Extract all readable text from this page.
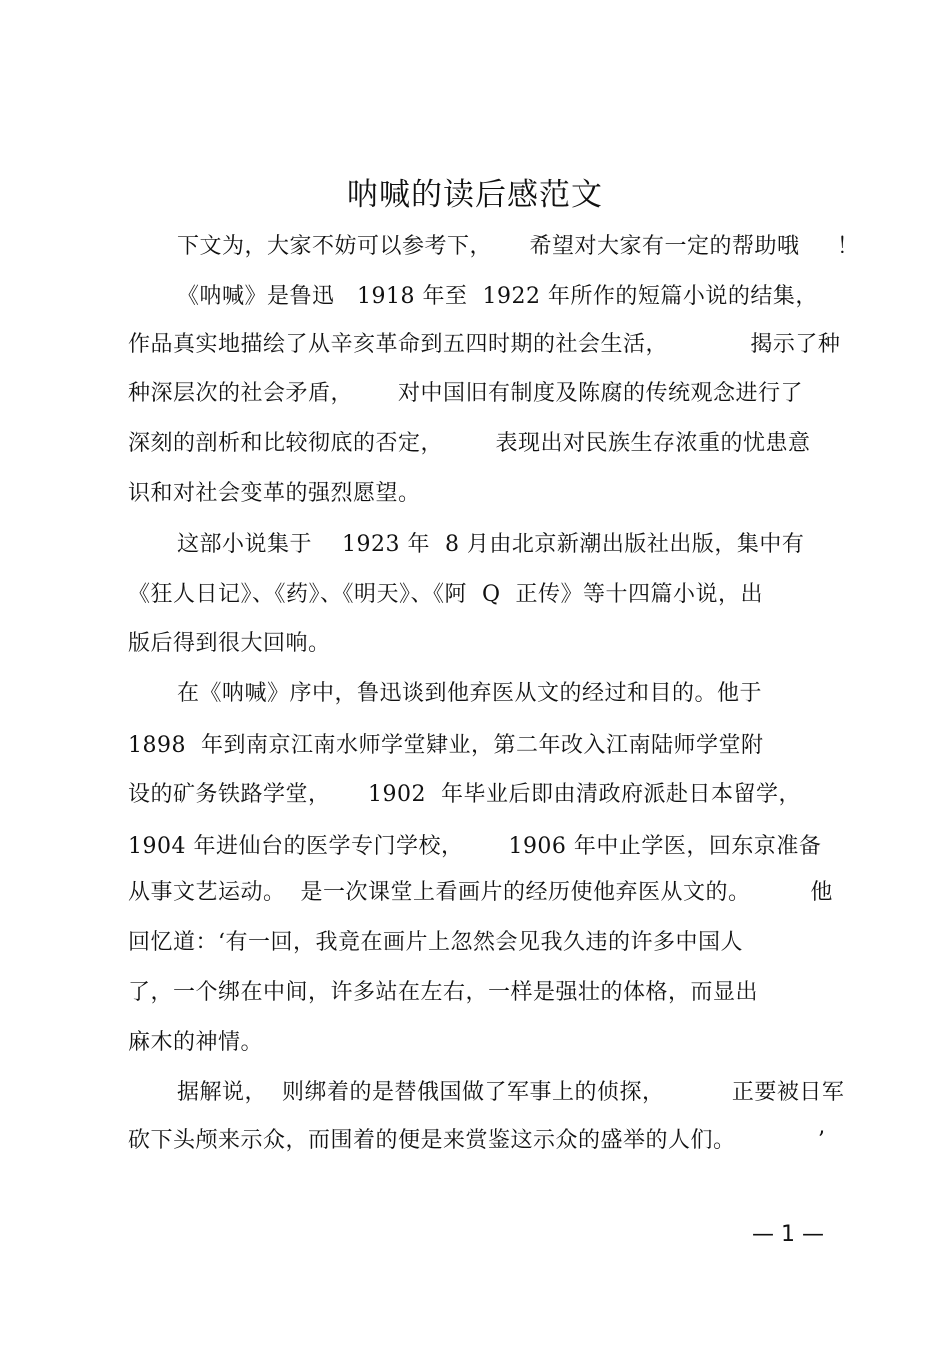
呐喊的读后感范文
下文为，大家不妨可以参考下，     希望对大家有一定的帮助哦     ！
《呐喊》是鲁迅   1918 年至  1922 年所作的短篇小说的结集，
作品真实地描绘了从辛亥革命到五四时期的社会生活，           揭示了种
种深层次的社会矛盾，      对中国旧有制度及陈腐的传统观念进行了
深刻的剖析和比较彻底的否定，       表现出对民族生存浓重的忧患意
识和对社会变革的强烈愿望。
这部小说集于    1923 年  8 月由北京新潮出版社出版，集中有
《狂人日记》、《药》、《明天》、《阿  Q  正传》等十四篇小说，出
版后得到很大回响。
在《呐喊》序中，鲁迅谈到他弃医从文的经过和目的。他于
1898  年到南京江南水师学堂肄业，第二年改入江南陆师学堂附
设的矿务铁路学堂，     1902  年毕业后即由清政府派赴日本留学，
1904 年进仙台的医学专门学校，      1906 年中止学医，回东京准备
从事文艺运动。  是一次课堂上看画片的经历使他弃医从文的。        他
回忆道：‘有一回，我竟在画片上忽然会见我久违的许多中国人
了，一个绑在中间，许多站在左右，一样是强壮的体格，而显出
麻木的神情。
据解说，  则绑着的是替俄国做了军事上的侦探，         正要被日军
砍下头颅来示众，而围着的便是来赏鉴这示众的盛举的人们。           ’
— 1 —
